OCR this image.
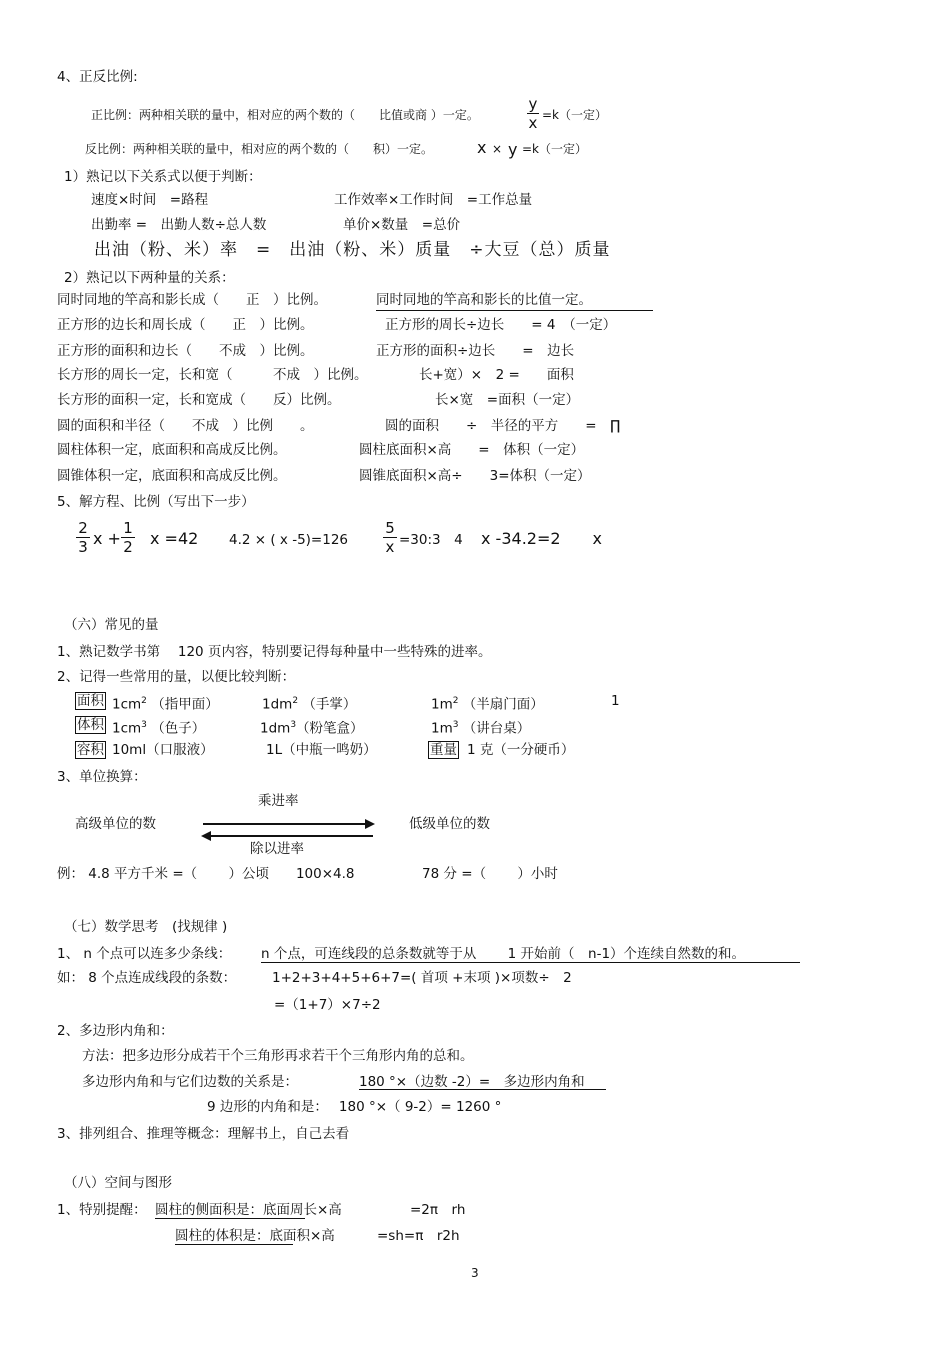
4、正反比例:
正比例：两种相关联的量中，相对应的两个数的（　　比值或商 ）一定。
y
x =k（一定）
反比例：两种相关联的量中，相对应的两个数的（　　积）一定。	x × y =k（一定）
1）熟记以下关系式以便于判断：
速度×时间　=路程	工作效率×工作时间　=工作总量
出勤率 =　出勤人数÷总人数	单价×数量　=总价
出油（粉、米）率　=　出油（粉、米）质量　÷大豆（总）质量
2）熟记以下两种量的关系：
同时同地的竿高和影长成（　　正　）比例。	同时同地的竿高和影长的比值一定。
正方形的边长和周长成（　　正　）比例。	正方形的周长÷边长　　= 4　（一定）
正方形的面积和边长（　　不成　）比例。	正方形的面积÷边长　　=　边长
长方形的周长一定，长和宽（　　　不成　）比例。	长+宽）×　2 =　　面积
长方形的面积一定，长和宽成（　　反）比例。	长×宽　=面积（一定）
圆的面积和半径（　　不成　）比例　　。	圆的面积　　÷　半径的平方　　=　∏
圆柱体积一定，底面积和高成反比例。	圆柱底面积×高　　=　体积（一定）
圆锥体积一定，底面积和高成反比例。	圆锥底面积×高÷　　3=体积（一定）
5、解方程、比例（写出下一步）
2
3 x +
1
2 x =42 4.2 × ( x -5)=126
5
x =30:3　4 x -34.2=2　　x
（六）常见的量
1、熟记数学书第　 120 页内容，特别要记得每种量中一些特殊的进率。
2、记得一些常用的量，以便比较判断：
面积 $1cm^2$ （指甲面）	$1dm^2$ （手掌）	$1m^2$ （半扇门面）	1
体积 $1cm^3$ （色子）	$1dm^3$（粉笔盒）	$1m^3$ （讲台桌）
容积 10ml（口服液）	1L（中瓶一鸣奶）	重量 1 克（一分硬币）
3、单位换算：
乘进率
高级单位的数	低级单位的数
除以进率
例： 4.8 平方千米 =（　　 ）公顷　　100×4.8　　　　　78 分 =（　　 ）小时
（七）数学思考　(找规律 )
1、 n 个点可以连多少条线： n 个点，可连线段的总条数就等于从　　 1 开始前（　n-1）个连续自然数的和。
如： 8 个点连成线段的条数：	1+2+3+4+5+6+7=( 首项 +末项 )×项数÷　2
=（1+7）×7÷2
2、多边形内角和：
方法：把多边形分成若干个三角形再求若干个三角形内角的总和。
多边形内角和与它们边数的关系是：	180 °×（边数 -2）=　多边形内角和
9 边形的内角和是：　 180 °×（ 9-2）= 1260 °
3、排列组合、推理等概念：理解书上，自己去看
（八）空间与图形
1、特别提醒： 圆柱的侧面积是：底面周长×高	=2π　rh
圆柱的体积是：底面积×高	=sh=π　r2h
3
